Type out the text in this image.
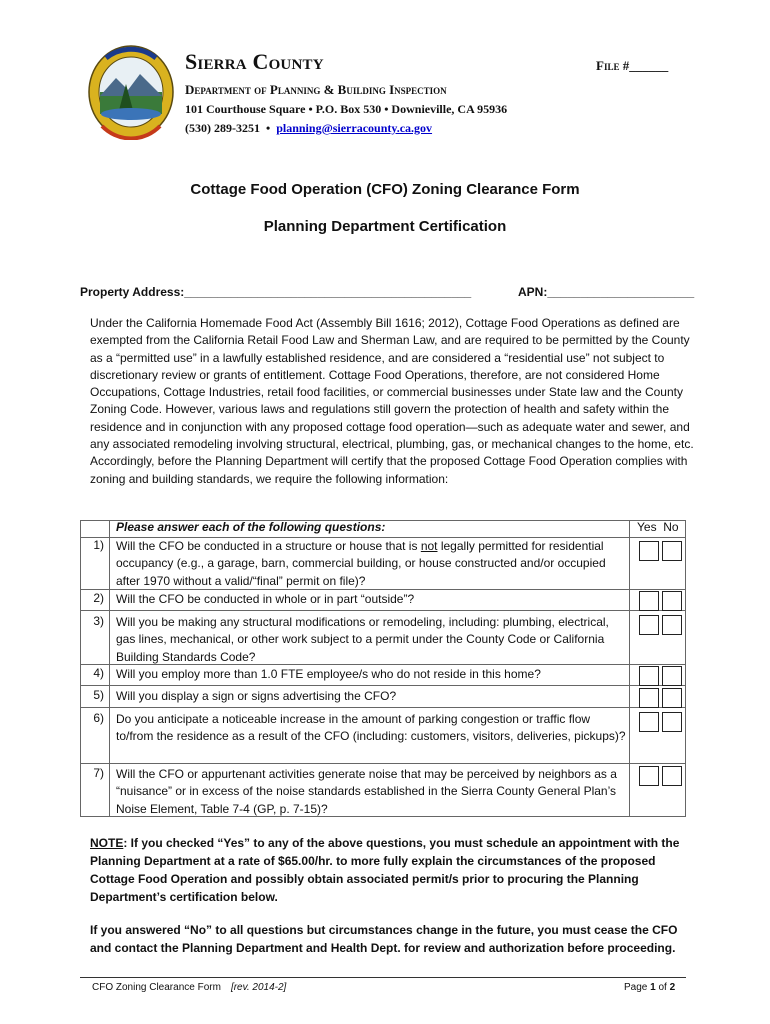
Sierra County	File #______
Department of Planning & Building Inspection
101 Courthouse Square • P.O. Box 530 • Downieville, CA 95936
(530) 289-3251 • planning@sierracounty.ca.gov
Cottage Food Operation (CFO) Zoning Clearance Form
Planning Department Certification
Property Address:___________________________________________	APN:______________________
Under the California Homemade Food Act (Assembly Bill 1616; 2012), Cottage Food Operations as defined are exempted from the California Retail Food Law and Sherman Law, and are required to be permitted by the County as a “permitted use” in a lawfully established residence, and are considered a “residential use” not subject to discretionary review or grants of entitlement. Cottage Food Operations, therefore, are not considered Home Occupations, Cottage Industries, retail food facilities, or commercial businesses under State law and the County Zoning Code. However, various laws and regulations still govern the protection of health and safety within the residence and in conjunction with any proposed cottage food operation—such as adequate water and sewer, and any associated remodeling involving structural, electrical, plumbing, gas, or mechanical changes to the home, etc. Accordingly, before the Planning Department will certify that the proposed Cottage Food Operation complies with zoning and building standards, we require the following information:
Please answer each of the following questions:	Yes No
1) Will the CFO be conducted in a structure or house that is not legally permitted for residential occupancy (e.g., a garage, barn, commercial building, or house constructed and/or occupied after 1970 without a valid/“final” permit on file)?
2) Will the CFO be conducted in whole or in part “outside”?
3) Will you be making any structural modifications or remodeling, including: plumbing, electrical, gas lines, mechanical, or other work subject to a permit under the County Code or California Building Standards Code?
4) Will you employ more than 1.0 FTE employee/s who do not reside in this home?
5) Will you display a sign or signs advertising the CFO?
6) Do you anticipate a noticeable increase in the amount of parking congestion or traffic flow to/from the residence as a result of the CFO (including: customers, visitors, deliveries, pickups)?
7) Will the CFO or appurtenant activities generate noise that may be perceived by neighbors as a “nuisance” or in excess of the noise standards established in the Sierra County General Plan’s Noise Element, Table 7-4 (GP, p. 7-15)?
NOTE: If you checked “Yes” to any of the above questions, you must schedule an appointment with the Planning Department at a rate of $65.00/hr. to more fully explain the circumstances of the proposed Cottage Food Operation and possibly obtain associated permit/s prior to procuring the Planning Department’s certification below.
If you answered “No” to all questions but circumstances change in the future, you must cease the CFO and contact the Planning Department and Health Dept. for review and authorization before proceeding.
CFO Zoning Clearance Form [rev. 2014-2]	Page 1 of 2
